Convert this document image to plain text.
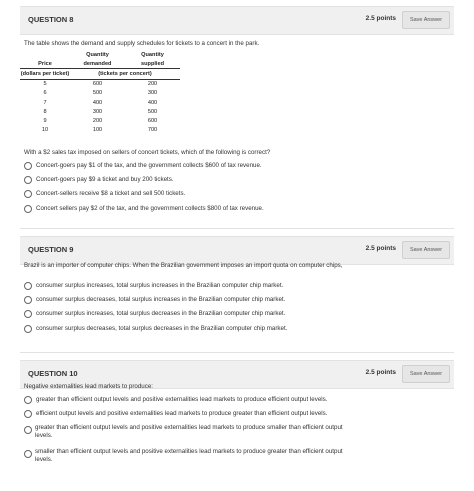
QUESTION 8	2.5 points	Save Answer
The table shows the demand and supply schedules for tickets to a concert in the park.
	Quantity	Quantity
Price	demanded	supplied
(dollars per ticket)	(tickets per concert)	
5	600	200
6	500	300
7	400	400
8	300	500
9	200	600
10	100	700
With a $2 sales tax imposed on sellers of concert tickets, which of the following is correct?
Concert-goers pay $1 of the tax, and the government collects $600 of tax revenue.
Concert-goers pay $9 a ticket and buy 200 tickets.
Concert-sellers receive $8 a ticket and sell 500 tickets.
Concert sellers pay $2 of the tax, and the government collects $800 of tax revenue.
QUESTION 9	2.5 points	Save Answer
Brazil is an importer of computer chips. When the Brazilian government imposes an import quota on computer chips,
consumer surplus increases, total surplus increases in the Brazilian computer chip market.
consumer surplus decreases, total surplus increases in the Brazilian computer chip market.
consumer surplus increases, total surplus decreases in the Brazilian computer chip market.
consumer surplus decreases, total surplus decreases in the Brazilian computer chip market.
QUESTION 10	2.5 points	Save Answer
Negative externalities lead markets to produce:
greater than efficient output levels and positive externalities lead markets to produce efficient output levels.
efficient output levels and positive externalities lead markets to produce greater than efficient output levels.
greater than efficient output levels and positive externalities lead markets to produce smaller than efficient output levels.
smaller than efficient output levels and positive externalities lead markets to produce greater than efficient output levels.
